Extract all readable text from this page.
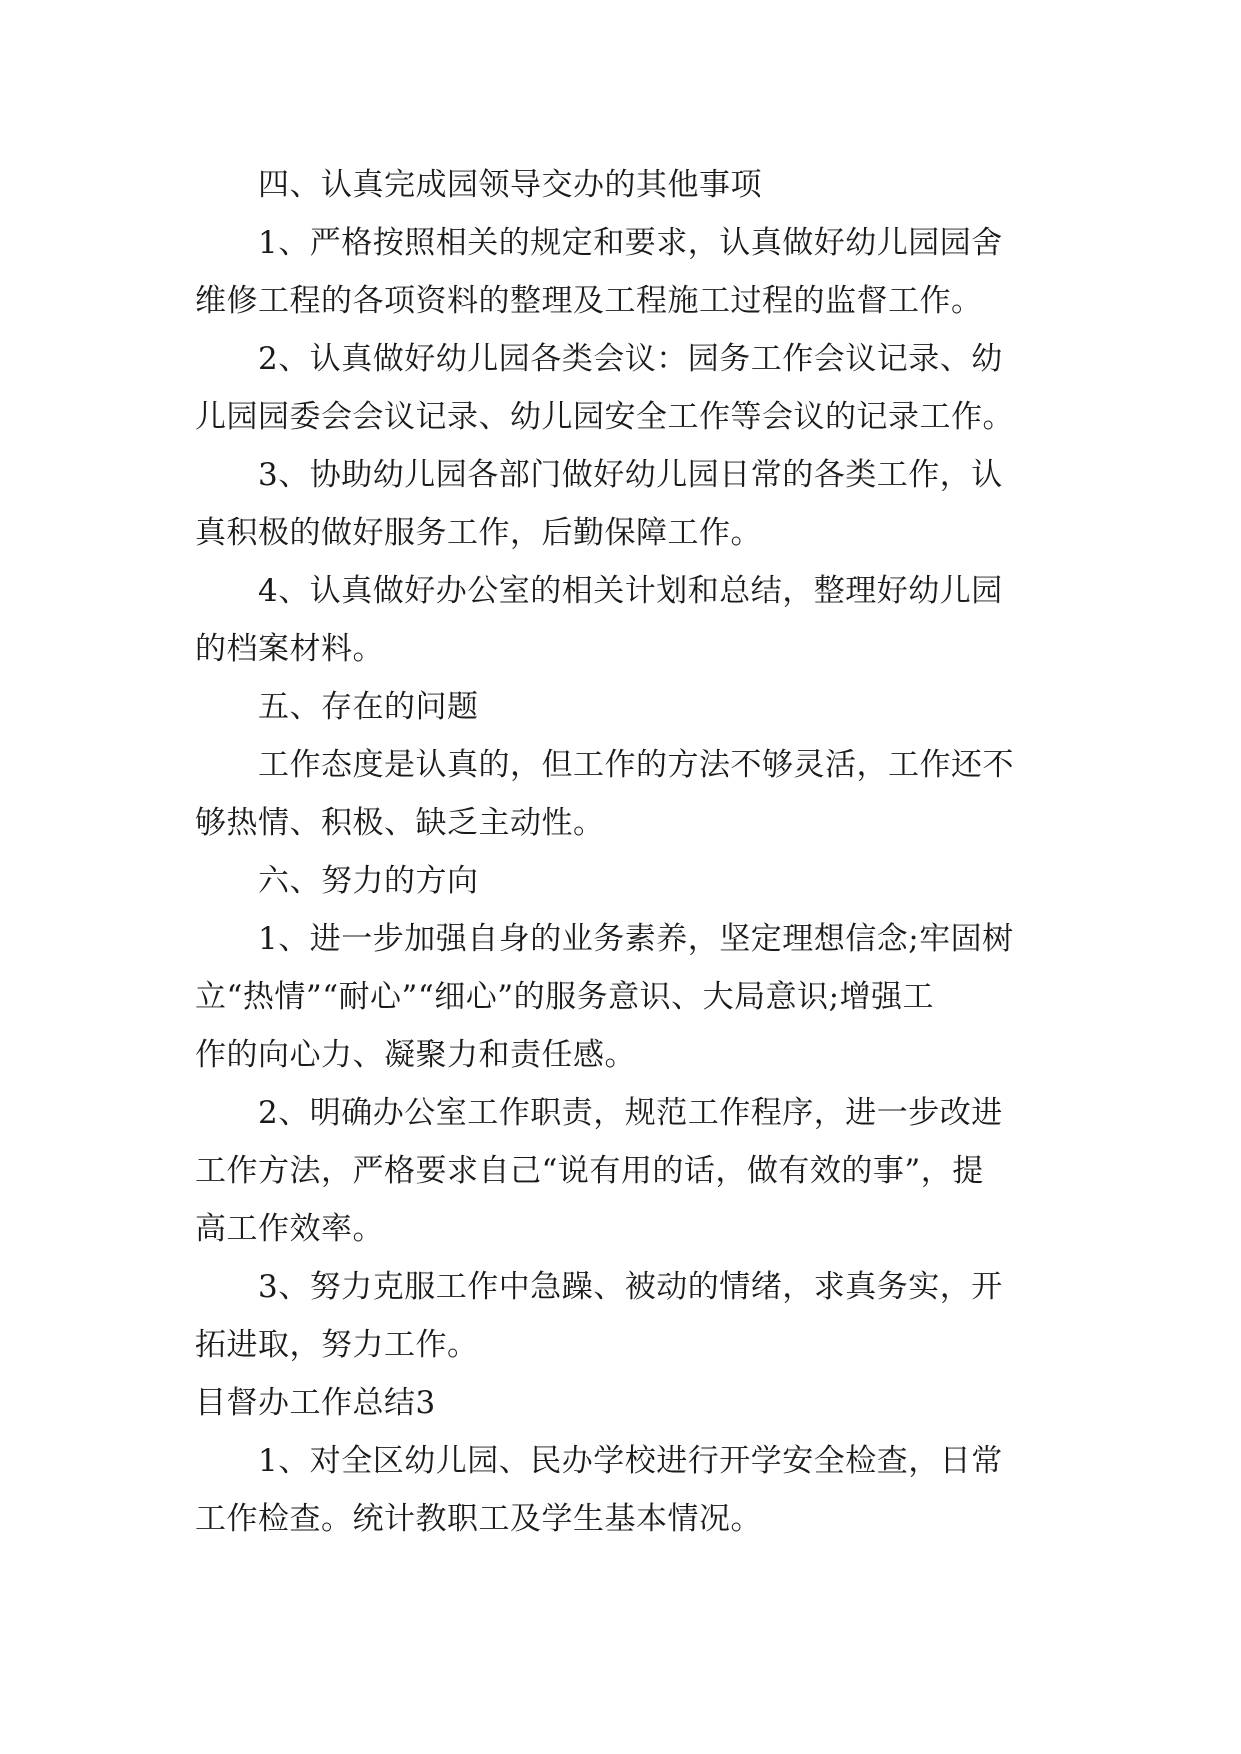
四、认真完成园领导交办的其他事项
1、严格按照相关的规定和要求，认真做好幼儿园园舍
维修工程的各项资料的整理及工程施工过程的监督工作。
2、认真做好幼儿园各类会议：园务工作会议记录、幼
儿园园委会会议记录、幼儿园安全工作等会议的记录工作。
3、协助幼儿园各部门做好幼儿园日常的各类工作，认
真积极的做好服务工作，后勤保障工作。
4、认真做好办公室的相关计划和总结，整理好幼儿园
的档案材料。
五、存在的问题
工作态度是认真的，但工作的方法不够灵活，工作还不
够热情、积极、缺乏主动性。
六、努力的方向
1、进一步加强自身的业务素养，坚定理想信念;牢固树
立“热情”“耐心”“细心”的服务意识、大局意识;增强工
作的向心力、凝聚力和责任感。
2、明确办公室工作职责，规范工作程序，进一步改进
工作方法，严格要求自己“说有用的话，做有效的事”，提
高工作效率。
3、努力克服工作中急躁、被动的情绪，求真务实，开
拓进取，努力工作。
目督办工作总结3
1、对全区幼儿园、民办学校进行开学安全检查，日常
工作检查。统计教职工及学生基本情况。
